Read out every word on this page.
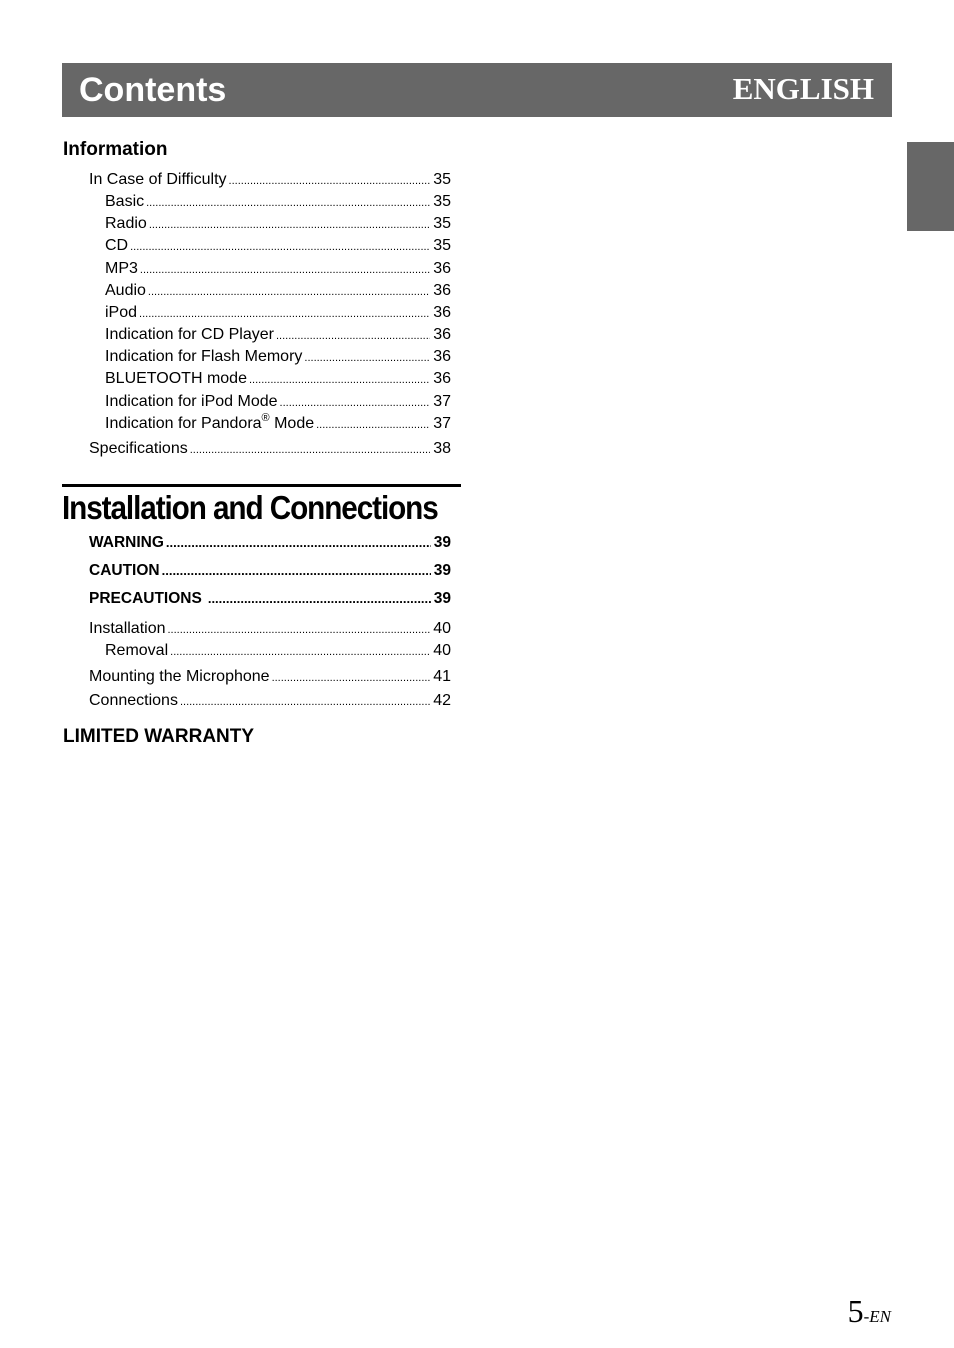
Contents	ENGLISH
Information
In Case of Difficulty .....	35
Basic .....	35
Radio .....	35
CD .....	35
MP3 .....	36
Audio .....	36
iPod .....	36
Indication for CD Player .....	36
Indication for Flash Memory .....	36
BLUETOOTH mode .....	36
Indication for iPod Mode .....	37
Indication for Pandora® Mode .....	37
Specifications .....	38
Installation and Connections
WARNING .....	39
CAUTION .....	39
PRECAUTIONS .....	39
Installation .....	40
Removal .....	40
Mounting the Microphone .....	41
Connections .....	42
LIMITED WARRANTY
5-EN
